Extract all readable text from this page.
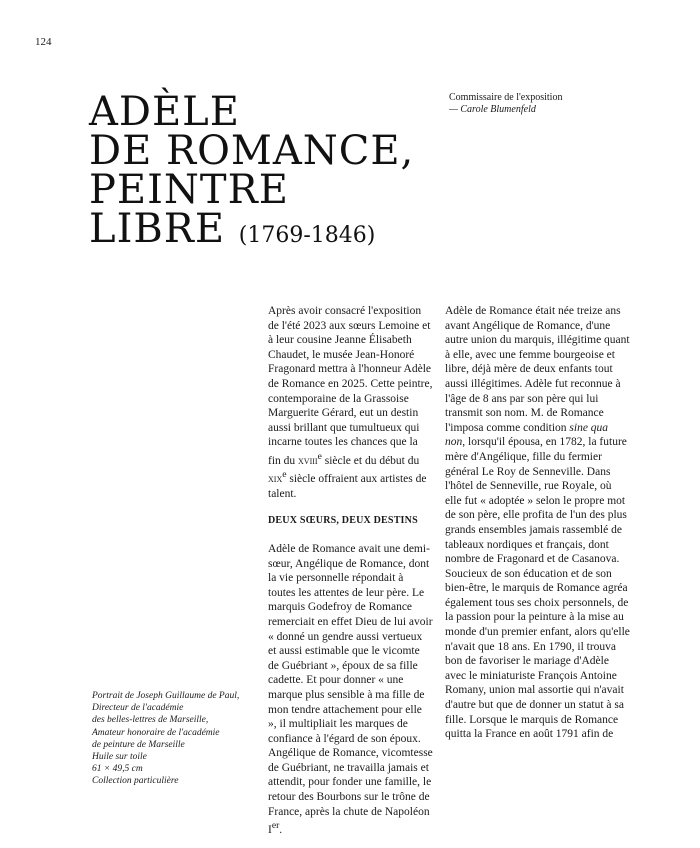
124
ADÈLE
DE ROMANCE,
PEINTRE
LIBRE (1769-1846)
Commissaire de l'exposition
— Carole Blumenfeld
Portrait de Joseph Guillaume de Paul,
Directeur de l'académie
des belles-lettres de Marseille,
Amateur honoraire de l'académie
de peinture de Marseille
Huile sur toile
61 × 49,5 cm
Collection particulière

Après avoir consacré l'exposition de l'été 2023 aux sœurs Lemoine et à leur cousine Jeanne Élisabeth Chaudet, le musée Jean-Honoré Fragonard mettra à l'honneur Adèle de Romance en 2025. Cette peintre, contemporaine de la Grassoise Marguerite Gérard, eut un destin aussi brillant que tumultueux qui incarne toutes les chances que la fin du xviii$^e$ siècle et du début du xix$^e$ siècle offraient aux artistes de talent.

DEUX SŒURS, DEUX DESTINS

Adèle de Romance avait une demi-sœur, Angélique de Romance, dont la vie personnelle répondait à toutes les attentes de leur père. Le marquis Godefroy de Romance remerciait en effet Dieu de lui avoir « donné un gendre aussi vertueux et aussi estimable que le vicomte de Guébriant », époux de sa fille cadette. Et pour donner « une marque plus sensible à ma fille de mon tendre attachement pour elle », il multipliait les marques de confiance à l'égard de son époux. Angélique de Romance, vicomtesse de Guébriant, ne travailla jamais et attendit, pour fonder une famille, le retour des Bourbons sur le trône de France, après la chute de Napoléon Ier.

Adèle de Romance était née treize ans avant Angélique de Romance, d'une autre union du marquis, illégitime quant à elle, avec une femme bourgeoise et libre, déjà mère de deux enfants tout aussi illégitimes. Adèle fut reconnue à l'âge de 8 ans par son père qui lui transmit son nom. M. de Romance l'imposa comme condition sine qua non, lorsqu'il épousa, en 1782, la future mère d'Angélique, fille du fermier général Le Roy de Senneville. Dans l'hôtel de Senneville, rue Royale, où elle fut « adoptée » selon le propre mot de son père, elle profita de l'un des plus grands ensembles jamais rassemblé de tableaux nordiques et français, dont nombre de Fragonard et de Casanova. Soucieux de son éducation et de son bien-être, le marquis de Romance agréa également tous ses choix personnels, de la passion pour la peinture à la mise au monde d'un premier enfant, alors qu'elle n'avait que 18 ans. En 1790, il trouva bon de favoriser le mariage d'Adèle avec le miniaturiste François Antoine Romany, union mal assortie qui n'avait d'autre but que de donner un statut à sa fille. Lorsque le marquis de Romance quitta la France en août 1791 afin de
